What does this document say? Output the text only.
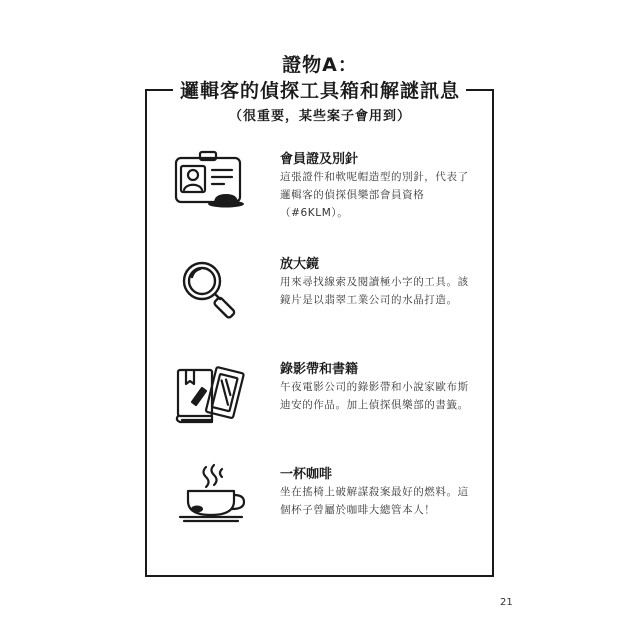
證物A：
邏輯客的偵探工具箱和解謎訊息
（很重要，某些案子會用到）
會員證及別針
這張證件和軟呢帽造型的別針，代表了邏輯客的偵探俱樂部會員資格（#6KLM）。
放大鏡
用來尋找線索及閱讀極小字的工具。該鏡片是以翡翠工業公司的水晶打造。
錄影帶和書籍
午夜電影公司的錄影帶和小說家歐布斯迪安的作品。加上偵探俱樂部的書籤。
一杯咖啡
坐在搖椅上破解謀殺案最好的燃料。這個杯子曾屬於咖啡大總管本人！
21
